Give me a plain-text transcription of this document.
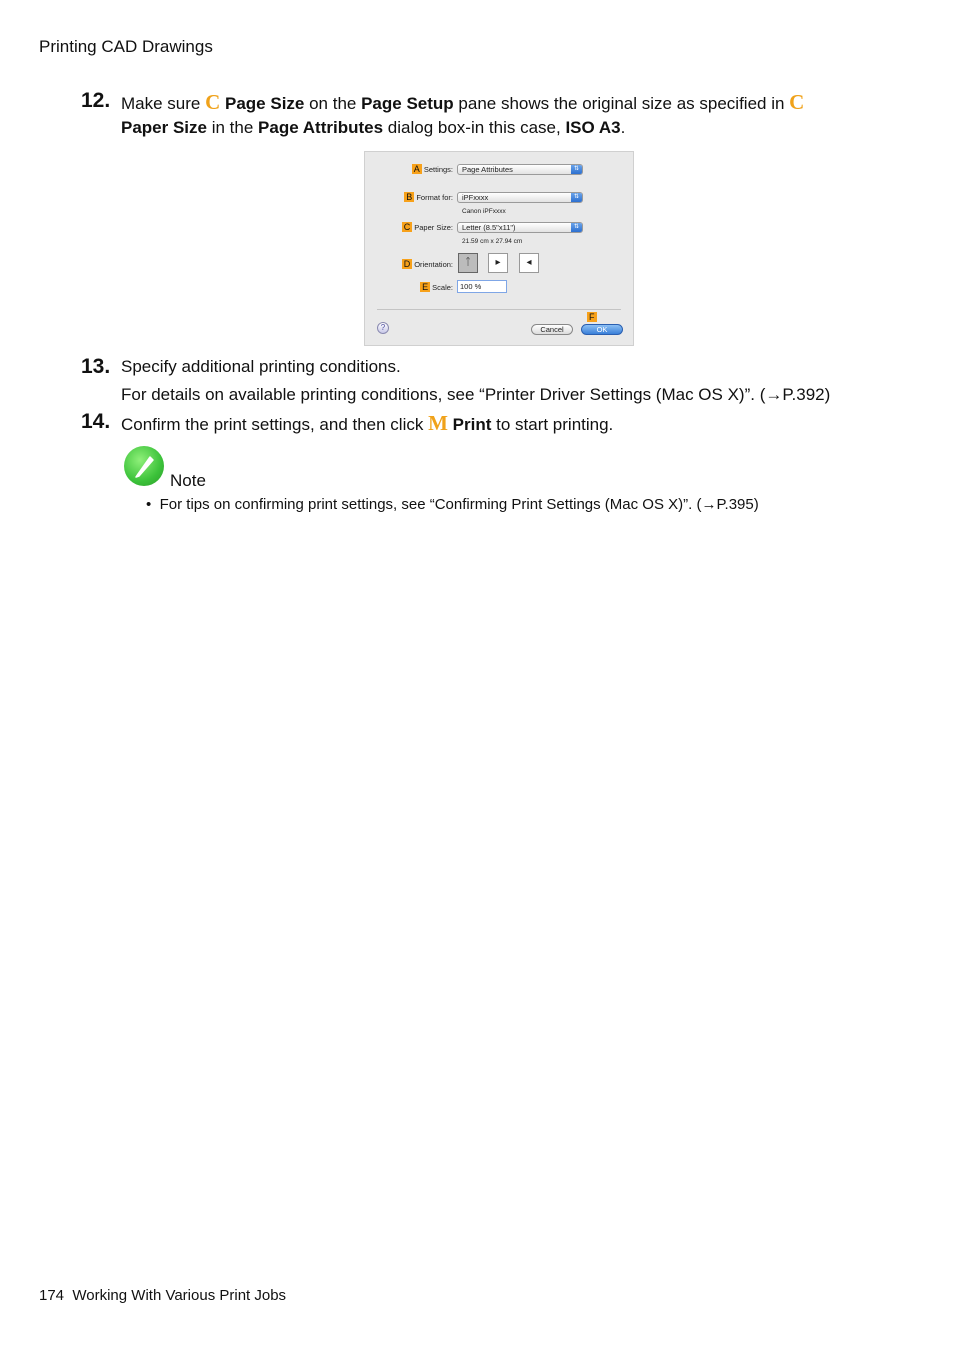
Printing CAD Drawings
12. Make sure C Page Size on the Page Setup pane shows the original size as specified in C
Paper Size in the Page Attributes dialog box-in this case, ISO A3.
A Settings:	Page Attributes	⇅
B Format for:	iPFxxxx	⇅
Canon iPFxxxx
C Paper Size:	Letter (8.5"x11")	⇅
21.59 cm x 27.94 cm
D Orientation:	ᛏ	▸	◂
E Scale: 100 %
F
?	Cancel	OK
13. Specify additional printing conditions.
For details on available printing conditions, see “Printer Driver Settings (Mac OS X)”. (→P.392)
14. Confirm the print settings, and then click M Print to start printing.
Note
• For tips on confirming print settings, see “Confirming Print Settings (Mac OS X)”. (→P.395)
174 Working With Various Print Jobs
